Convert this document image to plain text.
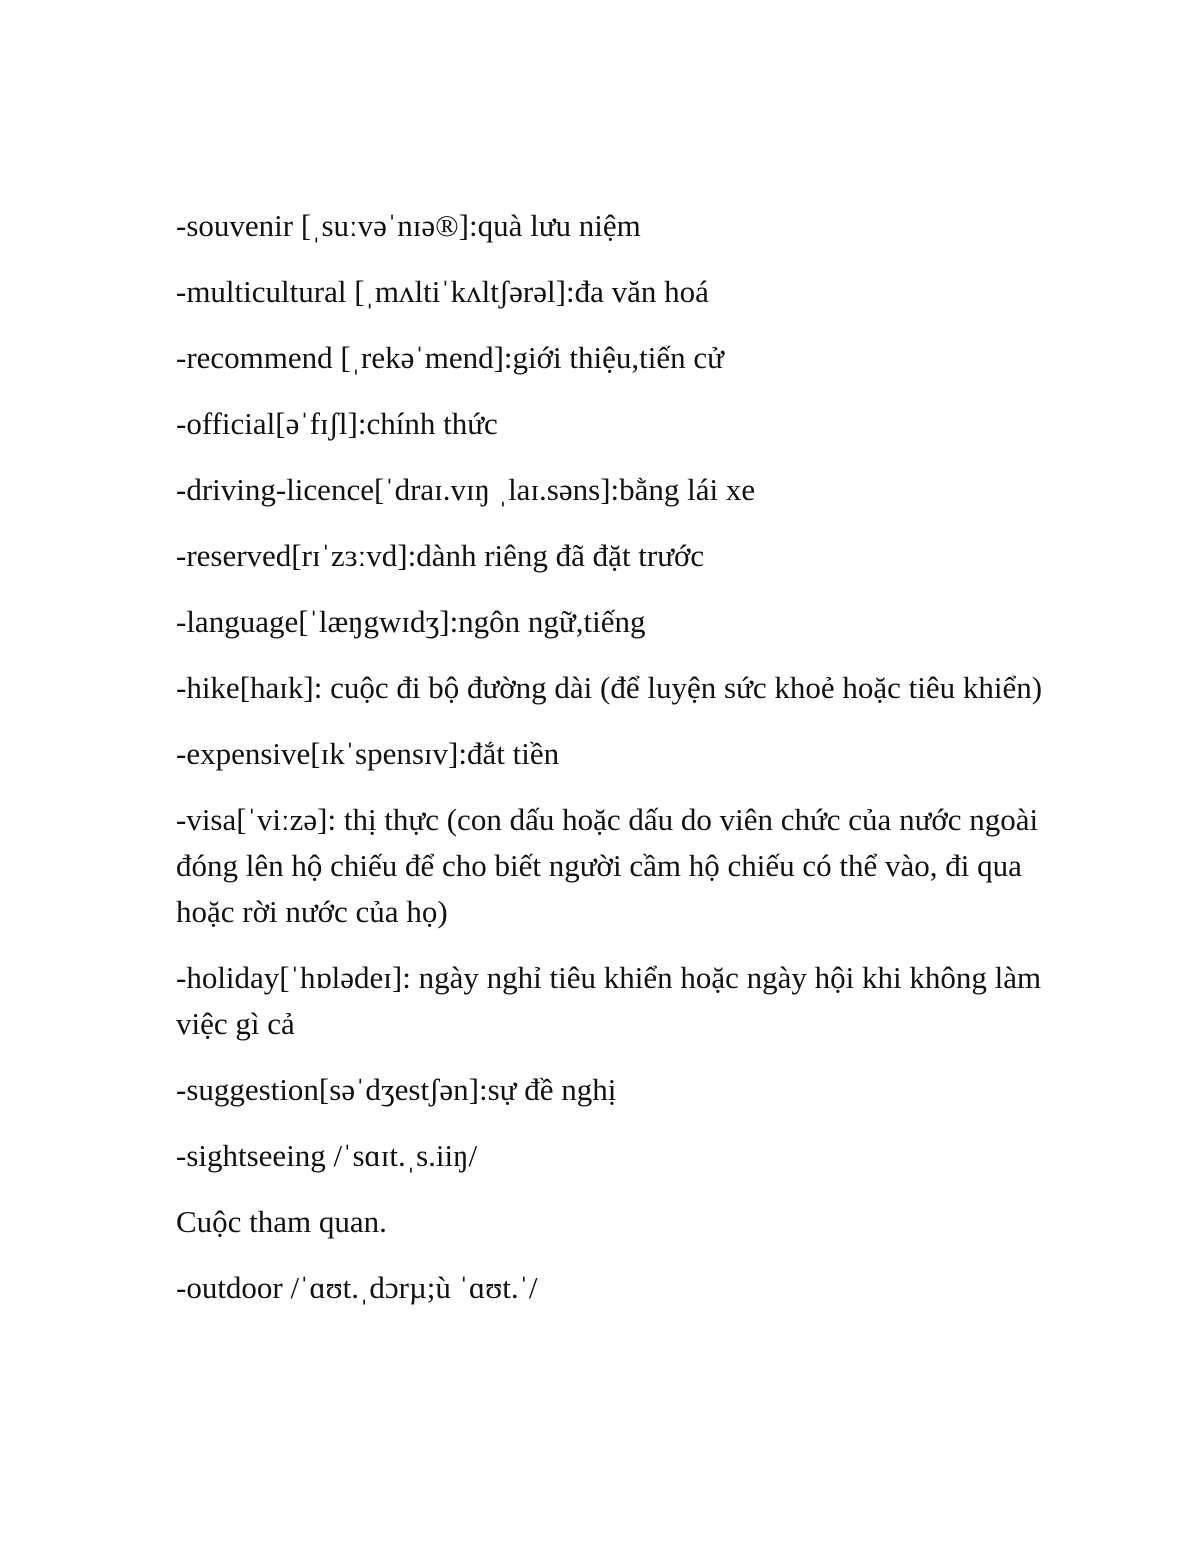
-souvenir [ˌsuːvəˈnɪə®]:quà lưu niệm

-multicultural [ˌmʌltiˈkʌltʃərəl]:đa văn hoá

-recommend [ˌrekəˈmend]:giới thiệu,tiến cử

-official[əˈfɪʃl]:chính thức

-driving-licence[ˈdraɪ.vɪŋ ˌlaɪ.səns]:bằng lái xe

-reserved[rɪˈzɜːvd]:dành riêng đã đặt trước

-language[ˈlæŋgwɪdʒ]:ngôn ngữ,tiếng

-hike[haɪk]: cuộc đi bộ đường dài (để luyện sức khoẻ hoặc tiêu khiển)

-expensive[ɪkˈspensɪv]:đắt tiền

-visa[ˈviːzə]: thị thực (con dấu hoặc dấu do viên chức của nước ngoài đóng lên hộ chiếu để cho biết người cầm hộ chiếu có thể vào, đi qua hoặc rời nước của họ)

-holiday[ˈhɒlədeɪ]: ngày nghỉ tiêu khiển hoặc ngày hội khi không làm việc gì cả

-suggestion[səˈdʒestʃən]:sự đề nghị

-sightseeing /ˈsɑɪt.ˌs.iiŋ/

Cuộc tham quan.

-outdoor /ˈɑʊt.ˌdɔrµ;ù ˈɑʊt.ˈ/
